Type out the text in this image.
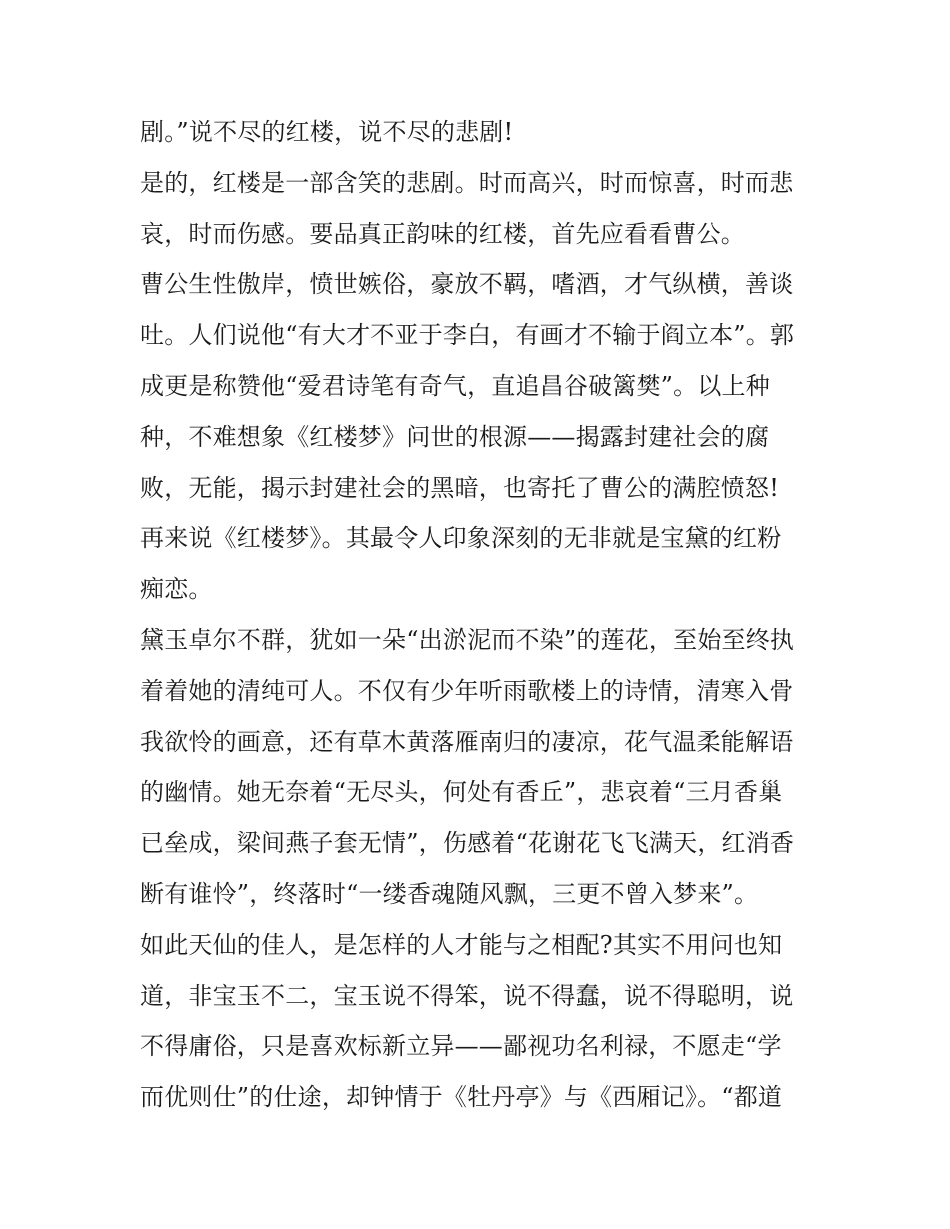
剧。”说不尽的红楼，说不尽的悲剧!
是的，红楼是一部含笑的悲剧。时而高兴，时而惊喜，时而悲
哀，时而伤感。要品真正韵味的红楼，首先应看看曹公。
曹公生性傲岸，愤世嫉俗，豪放不羁，嗜酒，才气纵横，善谈
吐。人们说他“有大才不亚于李白，有画才不输于阎立本”。郭
成更是称赞他“爱君诗笔有奇气，直追昌谷破篱樊”。以上种
种，不难想象《红楼梦》问世的根源——揭露封建社会的腐
败，无能，揭示封建社会的黑暗，也寄托了曹公的满腔愤怒!
再来说《红楼梦》。其最令人印象深刻的无非就是宝黛的红粉
痴恋。
黛玉卓尔不群，犹如一朵“出淤泥而不染”的莲花，至始至终执
着着她的清纯可人。不仅有少年听雨歌楼上的诗情，清寒入骨
我欲怜的画意，还有草木黄落雁南归的凄凉，花气温柔能解语
的幽情。她无奈着“无尽头，何处有香丘”，悲哀着“三月香巢
已垒成，梁间燕子套无情”，伤感着“花谢花飞飞满天，红消香
断有谁怜”，终落时“一缕香魂随风飘，三更不曾入梦来”。
如此天仙的佳人，是怎样的人才能与之相配?其实不用问也知
道，非宝玉不二，宝玉说不得笨，说不得蠢，说不得聪明，说
不得庸俗，只是喜欢标新立异——鄙视功名利禄，不愿走“学
而优则仕”的仕途，却钟情于《牡丹亭》与《西厢记》。“都道
